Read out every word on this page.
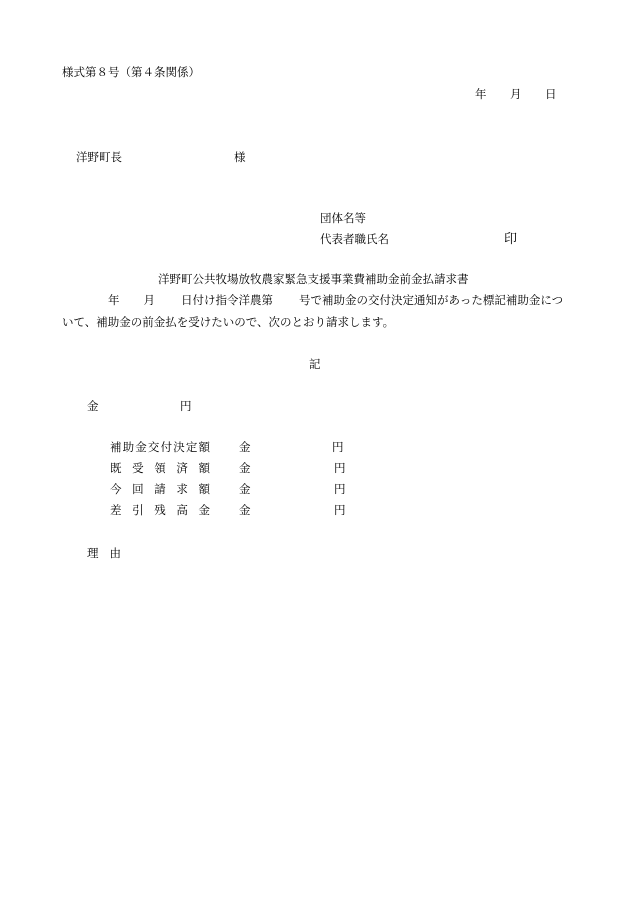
様式第８号（第４条関係）
年 月 日
洋野町長	様
団体名等
代表者職氏名	印
洋野町公共牧場放牧農家緊急支援事業費補助金前金払請求書
年 月 日付け指令洋農第 号で補助金の交付決定通知があった標記補助金について、補助金の前金払を受けたいので、次のとおり請求します。
記
金	円
補助金交付決定額	金	円
既受領済額	金	円
今回請求額	金	円
差引残高金	金	円
理由
